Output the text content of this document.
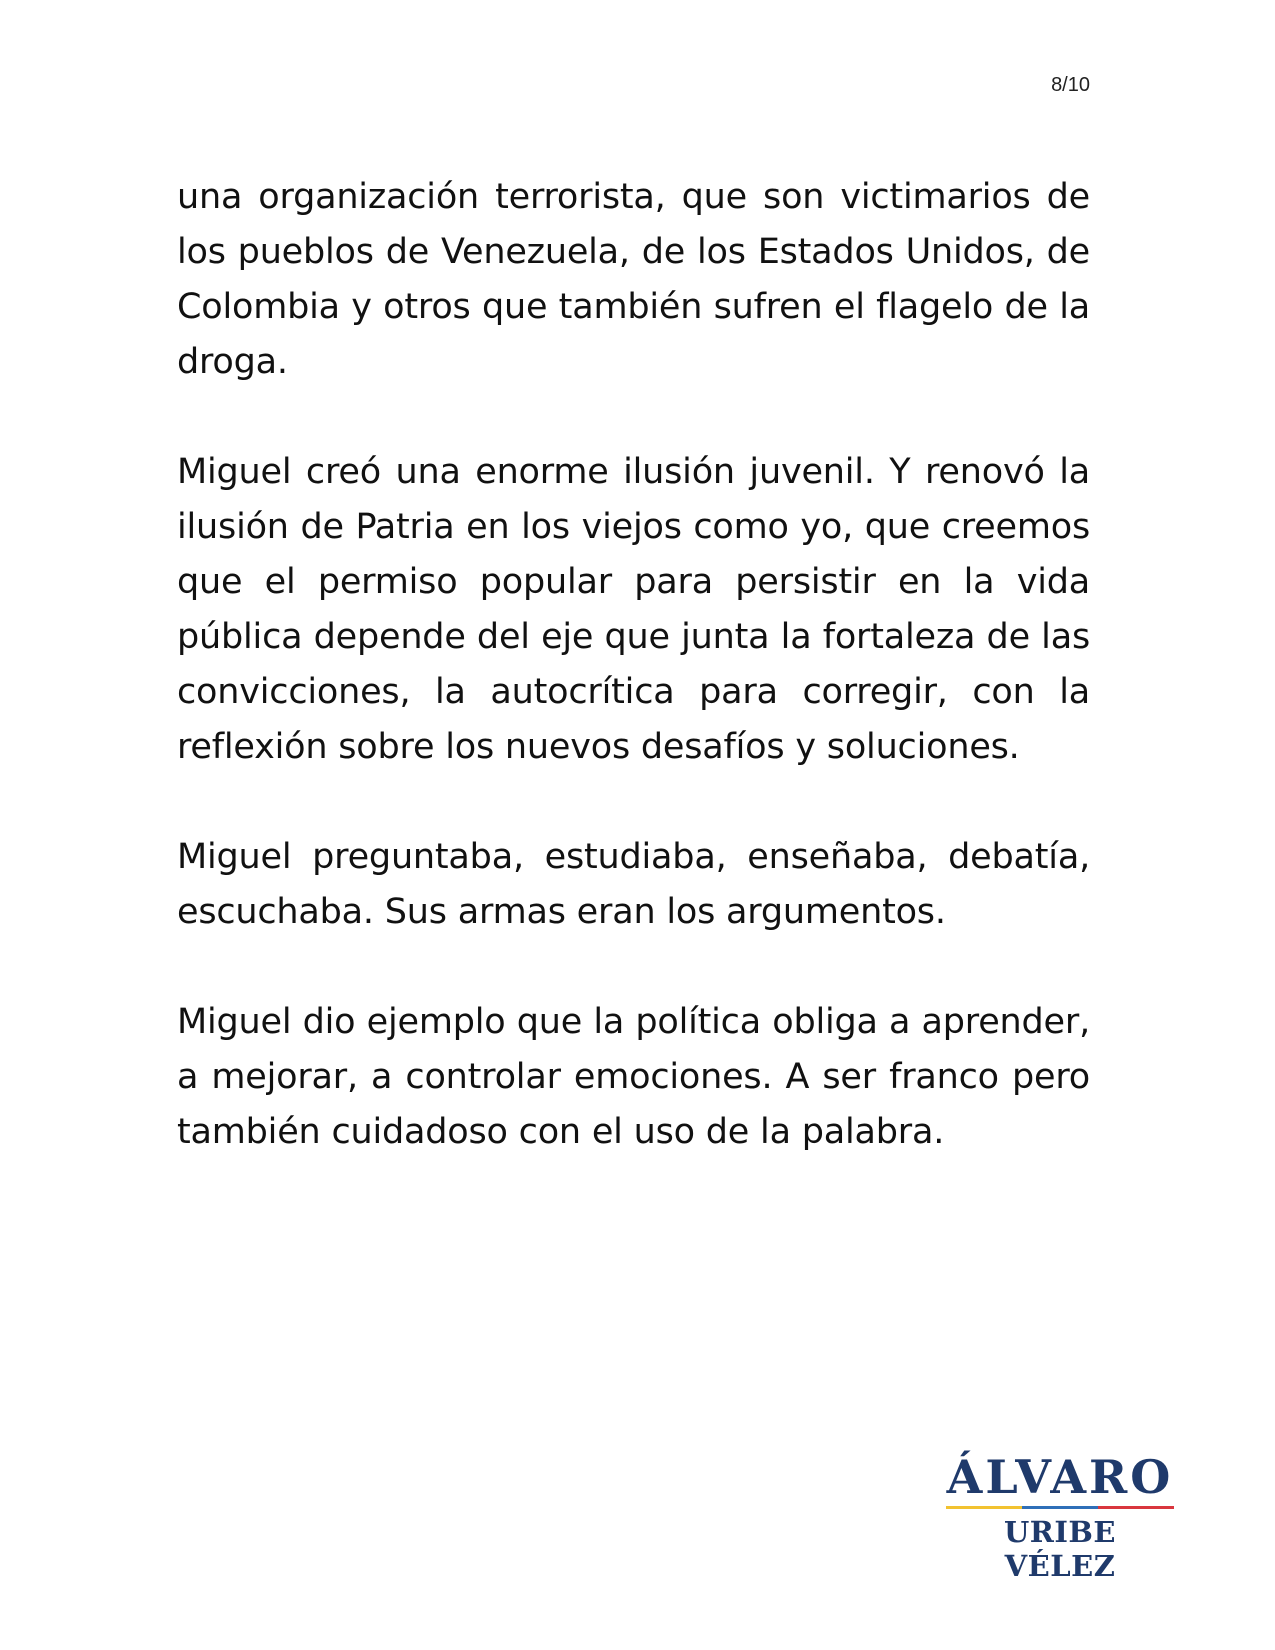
8/10

una organización terrorista, que son victimarios de los pueblos de Venezuela, de los Estados Unidos, de Colombia y otros que también sufren el flagelo de la droga.

Miguel creó una enorme ilusión juvenil. Y renovó la ilusión de Patria en los viejos como yo, que creemos que el permiso popular para persistir en la vida pública depende del eje que junta la fortaleza de las convicciones, la autocrítica para corregir, con la reflexión sobre los nuevos desafíos y soluciones.

Miguel preguntaba, estudiaba, enseñaba, debatía, escuchaba. Sus armas eran los argumentos.

Miguel dio ejemplo que la política obliga a aprender, a mejorar, a controlar emociones. A ser franco pero también cuidadoso con el uso de la palabra.

ÁLVARO
URIBE VÉLEZ
